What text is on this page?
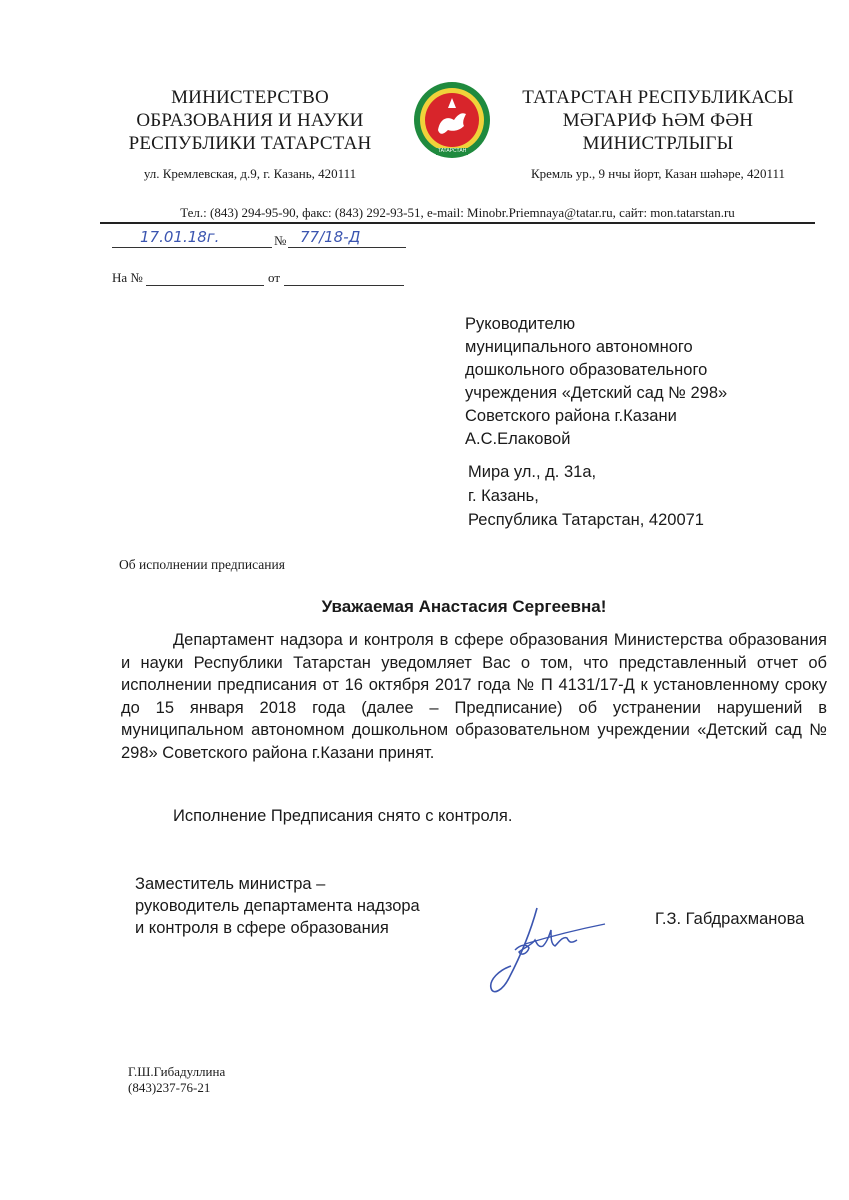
МИНИСТЕРСТВО
ОБРАЗОВАНИЯ И НАУКИ
РЕСПУБЛИКИ ТАТАРСТАН
ул. Кремлевская, д.9, г. Казань, 420111
ТАТАРСТАН
ТАТАРСТАН РЕСПУБЛИКАСЫ
МӘГАРИФ ҺӘМ ФӘН
МИНИСТРЛЫГЫ
Кремль ур., 9 нчы йорт, Казан шәһәре, 420111
Тел.: (843) 294-95-90, факс: (843) 292-93-51, e-mail: Minobr.Priemnaya@tatar.ru, сайт: mon.tatarstan.ru
17.01.18г.	№ 77/18-Д
На №	от
Руководителю
муниципального автономного
дошкольного образовательного
учреждения «Детский сад № 298»
Советского района г.Казани
А.С.Елаковой
Мира ул., д. 31а,
г. Казань,
Республика Татарстан, 420071
Об исполнении предписания
Уважаемая Анастасия Сергеевна!
Департамент надзора и контроля в сфере образования Министерства образования и науки Республики Татарстан уведомляет Вас о том, что представленный отчет об исполнении предписания от 16 октября 2017 года № П 4131/17-Д к установленному сроку до 15 января 2018 года (далее – Предписание) об устранении нарушений в муниципальном автономном дошкольном образовательном учреждении «Детский сад № 298» Советского района г.Казани принят.
Исполнение Предписания снято с контроля.
Заместитель министра –
руководитель департамента надзора
и контроля в сфере образования	Г.З. Габдрахманова
Г.Ш.Гибадуллина
(843)237-76-21
